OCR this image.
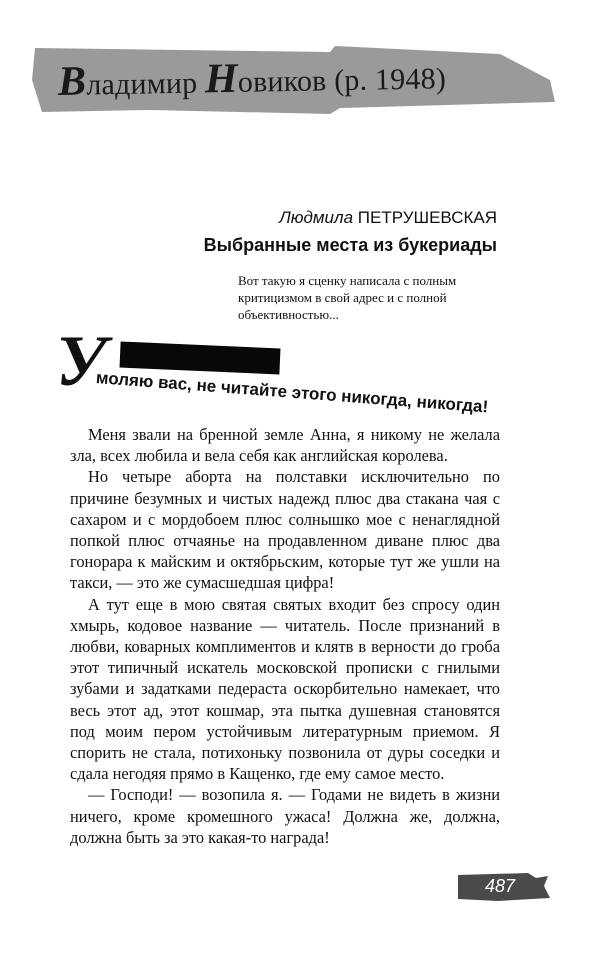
Владимир Новиков (р. 1948)
Людмила ПЕТРУШЕВСКАЯ
Выбранные места из букериады
Вот такую я сценку написала с полным критицизмом в свой адрес и с полной объективностью...
У
моляю вас, не читайте этого никогда, никогда!

Меня звали на бренной земле Анна, я никому не желала зла, всех любила и вела себя как английская королева.

Но четыре аборта на полставки исключительно по причине безумных и чистых надежд плюс два стакана чая с сахаром и с мордобоем плюс солнышко мое с ненаглядной попкой плюс отчаянье на продавленном диване плюс два гонорара к майским и октябрьским, которые тут же ушли на такси, — это же сумасшедшая цифра!

А тут еще в мою святая святых входит без спросу один хмырь, кодовое название — читатель. После признаний в любви, коварных комплиментов и клятв в верности до гроба этот типичный искатель московской прописки с гнилыми зубами и задатками педераста оскорбительно намекает, что весь этот ад, этот кошмар, эта пытка душевная становятся под моим пером устойчивым литературным приемом. Я спорить не стала, потихоньку позвонила от дуры соседки и сдала негодяя прямо в Кащенко, где ему самое место.

— Господи! — возопила я. — Годами не видеть в жизни ничего, кроме кромешного ужаса! Должна же, должна, должна быть за это какая-то награда!

487
